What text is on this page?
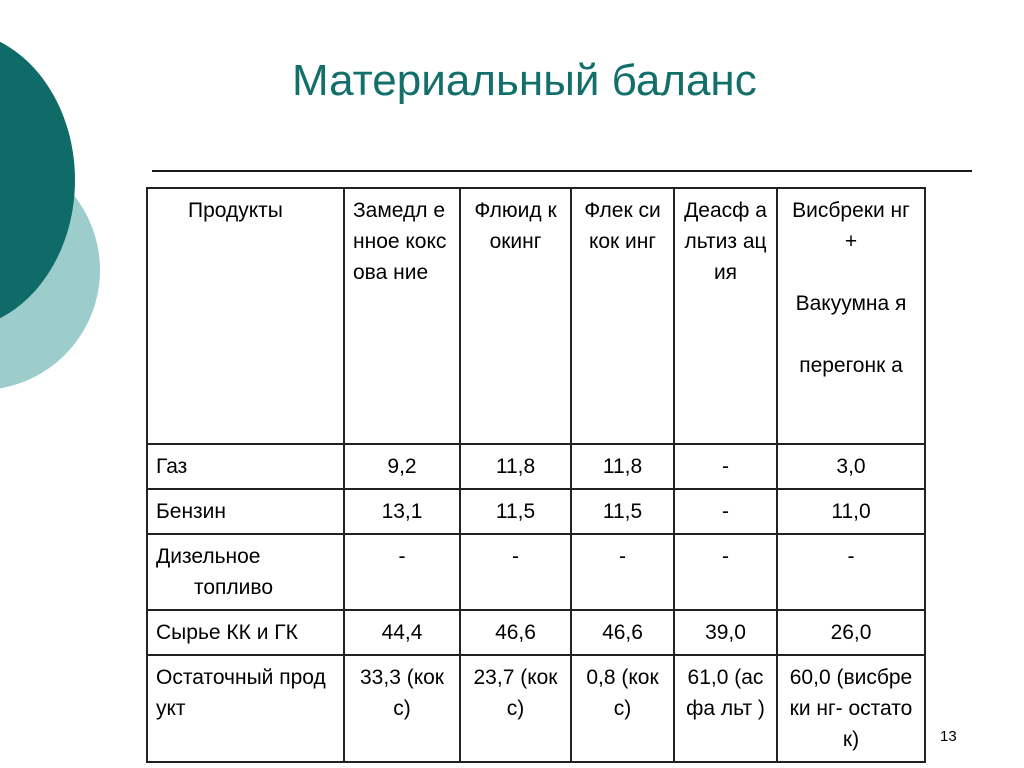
Материальный баланс
Продукты	Замедл енное коксова ние	Флюид кокинг	Флек сикок инг	Деасф альтиз ация	Висбреки нг +
Вакуумна я
перегонк а

Газ	9,2	11,8	11,8	-	3,0
Бензин	13,1	11,5	11,5	-	11,0
Дизельное
топливо	-	-	-	-	-
Сырье КК и ГК	44,4	46,6	46,6	39,0	26,0
Остаточный продукт	33,3 (кокс)	23,7 (кокс)	0,8 (кокс)	61,0 (асфа льт )	60,0 (висбреки нг- остаток)	13
